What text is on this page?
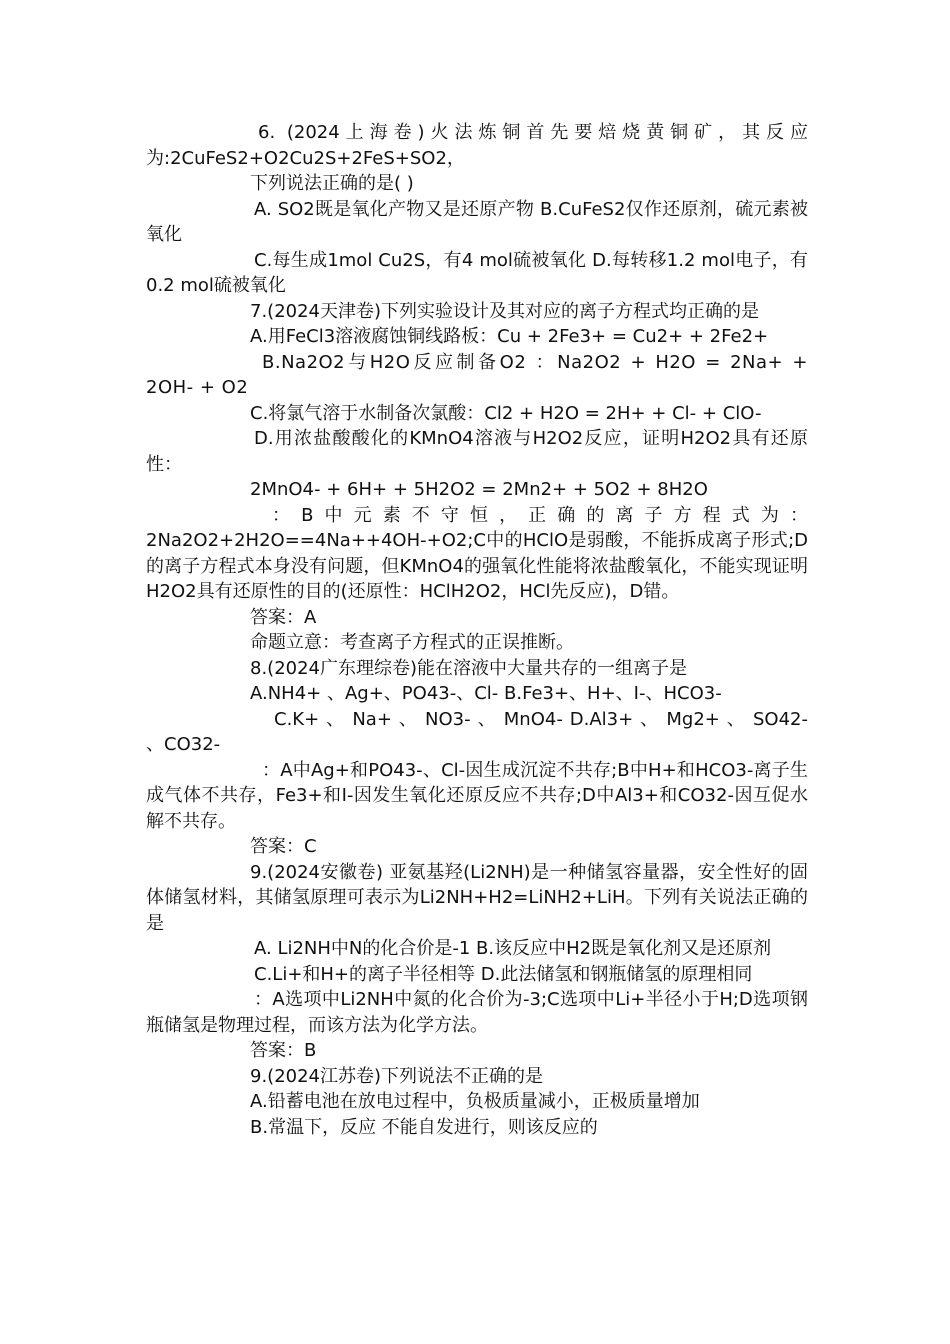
6. (2024上海卷)火法炼铜首先要焙烧黄铜矿，其反应为:2CuFeS2+O2Cu2S+2FeS+SO2，

下列说法正确的是( )

A. SO2既是氧化产物又是还原产物 B.CuFeS2仅作还原剂，硫元素被氧化

C.每生成1mol Cu2S，有4 mol硫被氧化 D.每转移1.2 mol电子，有0.2 mol硫被氧化

7.(2024天津卷)下列实验设计及其对应的离子方程式均正确的是

A.用FeCl3溶液腐蚀铜线路板：Cu + 2Fe3+ = Cu2+ + 2Fe2+

B.Na2O2与H2O反应制备O2 ：Na2O2 + H2O = 2Na+ + 2OH- + O2

C.将氯气溶于水制备次氯酸：Cl2 + H2O = 2H+ + Cl- + ClO-

D.用浓盐酸酸化的KMnO4溶液与H2O2反应，证明H2O2具有还原性：

2MnO4- + 6H+ + 5H2O2 = 2Mn2+ + 5O2 + 8H2O

：B中元素不守恒，正确的离子方程式为：2Na2O2+2H2O==4Na++4OH-+O2;C中的HClO是弱酸，不能拆成离子形式;D的离子方程式本身没有问题，但KMnO4的强氧化性能将浓盐酸氧化，不能实现证明H2O2具有还原性的目的(还原性：HClH2O2，HCl先反应)，D错。

答案：A

命题立意：考查离子方程式的正误推断。

8.(2024广东理综卷)能在溶液中大量共存的一组离子是

A.NH4+ 、Ag+、PO43-、Cl- B.Fe3+、H+、I-、HCO3-

C.K+ 、 Na+ 、 NO3- 、 MnO4- D.Al3+ 、 Mg2+ 、 SO42- 、CO32-

：A中Ag+和PO43-、Cl-因生成沉淀不共存;B中H+和HCO3-离子生成气体不共存，Fe3+和I-因发生氧化还原反应不共存;D中Al3+和CO32-因互促水解不共存。

答案：C

9.(2024安徽卷) 亚氨基羟(Li2NH)是一种储氢容量器，安全性好的固体储氢材料，其储氢原理可表示为Li2NH+H2=LiNH2+LiH。下列有关说法正确的是

A. Li2NH中N的化合价是-1 B.该反应中H2既是氧化剂又是还原剂

C.Li+和H+的离子半径相等 D.此法储氢和钢瓶储氢的原理相同

：A选项中Li2NH中氮的化合价为-3;C选项中Li+半径小于H;D选项钢瓶储氢是物理过程，而该方法为化学方法。

答案：B

9.(2024江苏卷)下列说法不正确的是

A.铅蓄电池在放电过程中，负极质量减小，正极质量增加

B.常温下，反应 不能自发进行，则该反应的
